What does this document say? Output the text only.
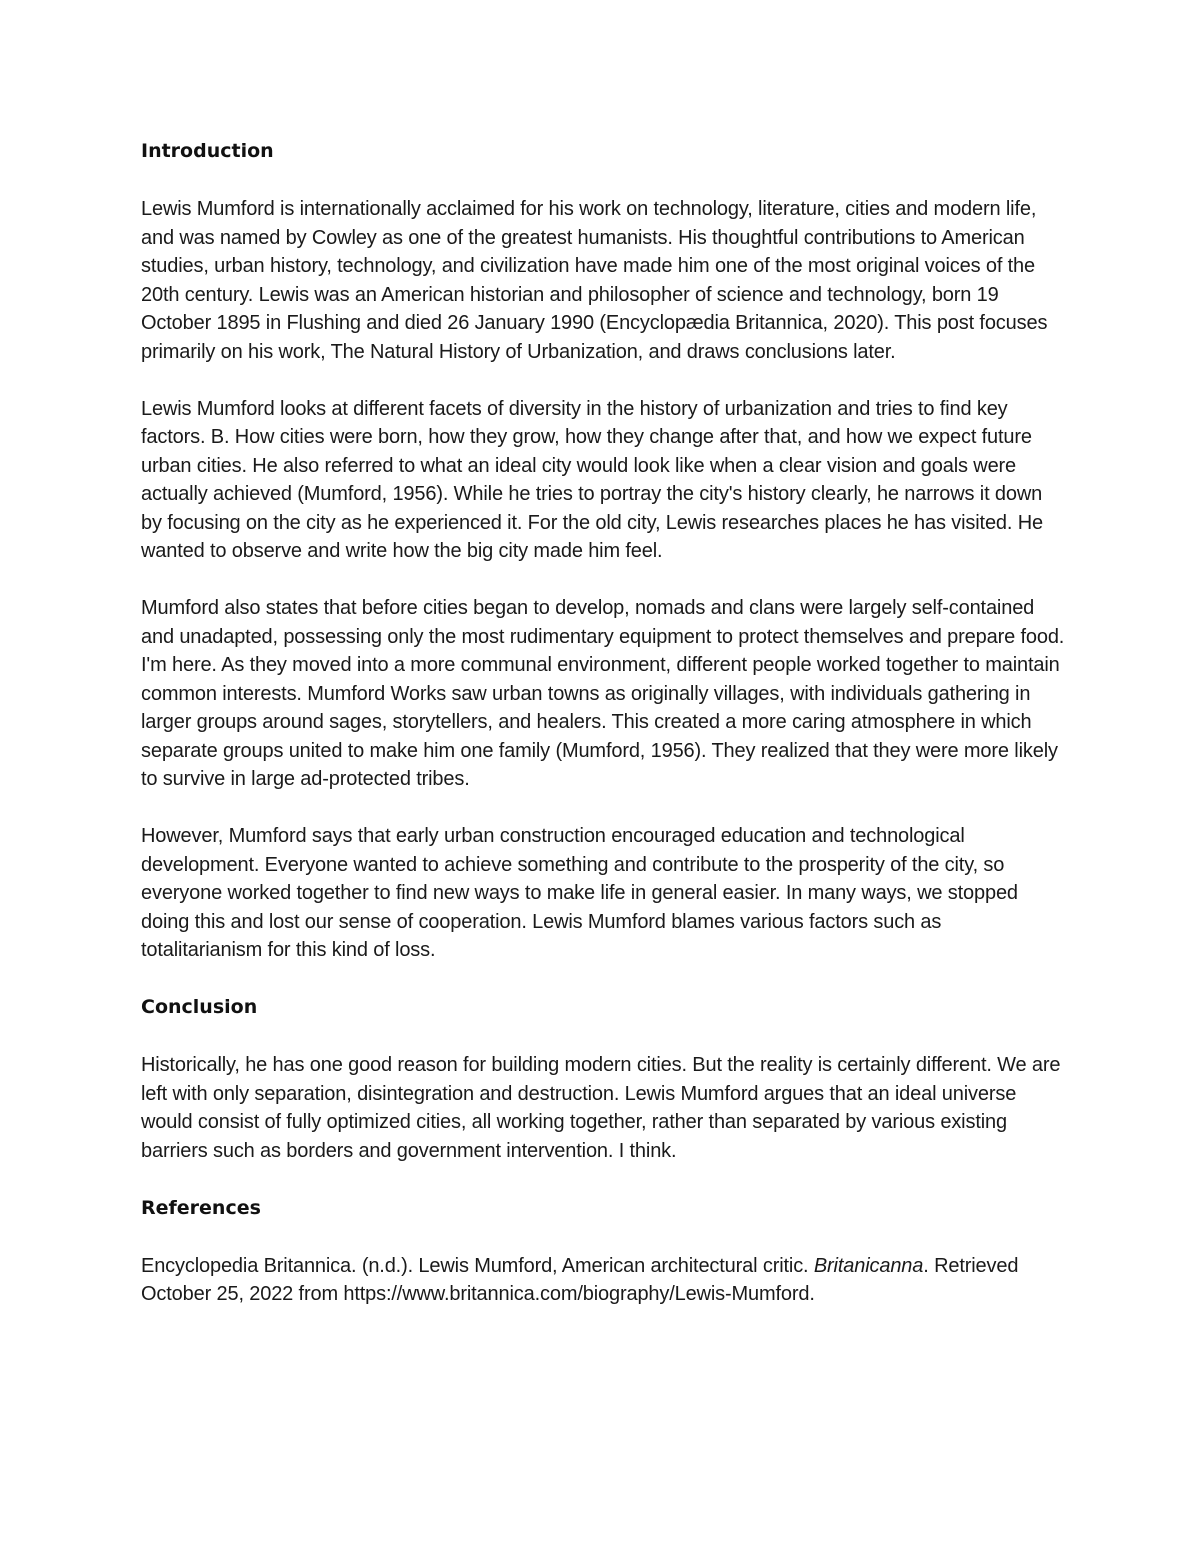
Introduction

Lewis Mumford is internationally acclaimed for his work on technology, literature, cities and modern life, and was named by Cowley as one of the greatest humanists. His thoughtful contributions to American studies, urban history, technology, and civilization have made him one of the most original voices of the 20th century. Lewis was an American historian and philosopher of science and technology, born 19 October 1895 in Flushing and died 26 January 1990 (Encyclopædia Britannica, 2020). This post focuses primarily on his work, The Natural History of Urbanization, and draws conclusions later.

Lewis Mumford looks at different facets of diversity in the history of urbanization and tries to find key factors. B. How cities were born, how they grow, how they change after that, and how we expect future urban cities. He also referred to what an ideal city would look like when a clear vision and goals were actually achieved (Mumford, 1956). While he tries to portray the city's history clearly, he narrows it down by focusing on the city as he experienced it. For the old city, Lewis researches places he has visited. He wanted to observe and write how the big city made him feel.

Mumford also states that before cities began to develop, nomads and clans were largely self-contained and unadapted, possessing only the most rudimentary equipment to protect themselves and prepare food. I'm here. As they moved into a more communal environment, different people worked together to maintain common interests. Mumford Works saw urban towns as originally villages, with individuals gathering in larger groups around sages, storytellers, and healers. This created a more caring atmosphere in which separate groups united to make him one family (Mumford, 1956). They realized that they were more likely to survive in large ad-protected tribes.

However, Mumford says that early urban construction encouraged education and technological development. Everyone wanted to achieve something and contribute to the prosperity of the city, so everyone worked together to find new ways to make life in general easier. In many ways, we stopped doing this and lost our sense of cooperation. Lewis Mumford blames various factors such as totalitarianism for this kind of loss.

Conclusion

Historically, he has one good reason for building modern cities. But the reality is certainly different. We are left with only separation, disintegration and destruction. Lewis Mumford argues that an ideal universe would consist of fully optimized cities, all working together, rather than separated by various existing barriers such as borders and government intervention. I think.

References

Encyclopedia Britannica. (n.d.). Lewis Mumford, American architectural critic. Britanicanna. Retrieved October 25, 2022 from https://www.britannica.com/biography/Lewis-Mumford.
